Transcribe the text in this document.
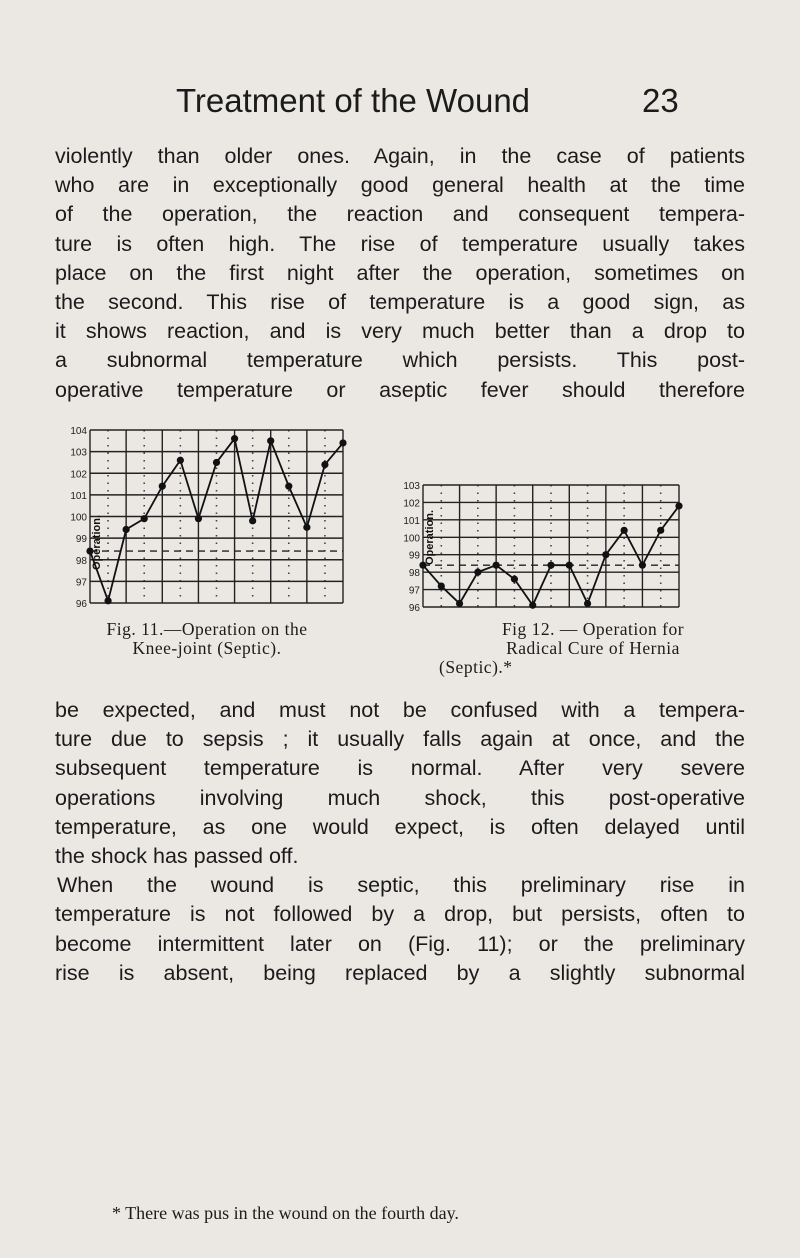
Treatment of the Wound	23
violently than older ones. Again, in the case of patients
who are in exceptionally good general health at the time
of the operation, the reaction and consequent tempera-
ture is often high. The rise of temperature usually takes
place on the first night after the operation, sometimes on
the second. This rise of temperature is a good sign, as
it shows reaction, and is very much better than a drop to
a subnormal temperature which persists. This post-
operative temperature or aseptic fever should therefore
104
103
102
101
100
99
98
97
96
Operation.
103
102
101
100
99
98
97
96
Operation.
Fig. 11.—Operation on the
Knee-joint (Septic).
Fig 12. — Operation for
Radical Cure of Hernia
(Septic).*
be expected, and must not be confused with a tempera-
ture due to sepsis ; it usually falls again at once, and the
subsequent temperature is normal. After very severe
operations involving much shock, this post-operative
temperature, as one would expect, is often delayed until
the shock has passed off.
When the wound is septic, this preliminary rise in
temperature is not followed by a drop, but persists, often to
become intermittent later on (Fig. 11); or the preliminary
rise is absent, being replaced by a slightly subnormal
* There was pus in the wound on the fourth day.
